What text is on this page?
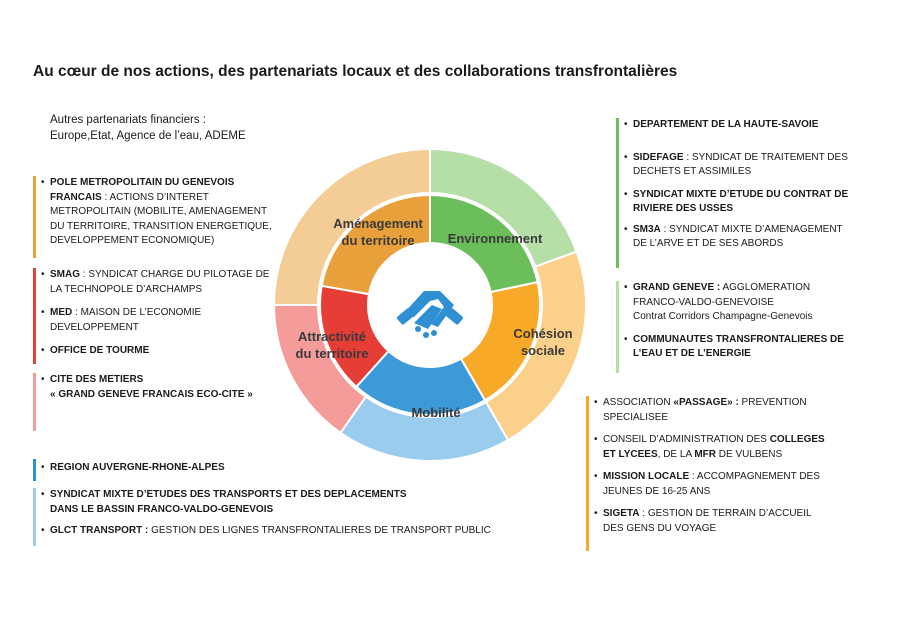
Au cœur de nos actions, des partenariats locaux et des collaborations transfrontalières
Autres partenariats financiers :
Europe,Etat, Agence de l’eau, ADEME
• POLE METROPOLITAIN DU GENEVOIS
FRANCAIS : ACTIONS D’INTERET
METROPOLITAIN (MOBILITE, AMENAGEMENT
DU TERRITOIRE, TRANSITION ENERGETIQUE,
DEVELOPPEMENT ECONOMIQUE)
• SMAG : SYNDICAT CHARGE DU PILOTAGE DE
LA TECHNOPOLE D’ARCHAMPS
• MED : MAISON DE L’ECONOMIE
DEVELOPPEMENT
• OFFICE DE TOURME
• CITE DES METIERS
« GRAND GENEVE FRANCAIS ECO-CITE »
• REGION AUVERGNE-RHONE-ALPES
• SYNDICAT MIXTE D’ETUDES DES TRANSPORTS ET DES DEPLACEMENTS
DANS LE BASSIN FRANCO-VALDO-GENEVOIS
• GLCT TRANSPORT : GESTION DES LIGNES TRANSFRONTALIERES DE TRANSPORT PUBLIC
Aménagement du territoire	Environnement
Cohésion sociale
Mobilité
Attractivité du territoire
• DEPARTEMENT DE LA HAUTE-SAVOIE
• SIDEFAGE : SYNDICAT DE TRAITEMENT DES
DECHETS ET ASSIMILES
• SYNDICAT MIXTE D’ETUDE DU CONTRAT DE
RIVIERE DES USSES
• SM3A : SYNDICAT MIXTE D’AMENAGEMENT
DE L’ARVE ET DE SES ABORDS
• GRAND GENEVE : AGGLOMERATION
FRANCO-VALDO-GENEVOISE
Contrat Corridors Champagne-Genevois
• COMMUNAUTES TRANSFRONTALIERES DE
L’EAU ET DE L’ENERGIE
• ASSOCIATION «PASSAGE» : PREVENTION
SPECIALISEE
• CONSEIL D’ADMINISTRATION DES COLLEGES
ET LYCEES, DE LA MFR DE VULBENS
• MISSION LOCALE : ACCOMPAGNEMENT DES
JEUNES DE 16-25 ANS
• SIGETA : GESTION DE TERRAIN D’ACCUEIL
DES GENS DU VOYAGE
